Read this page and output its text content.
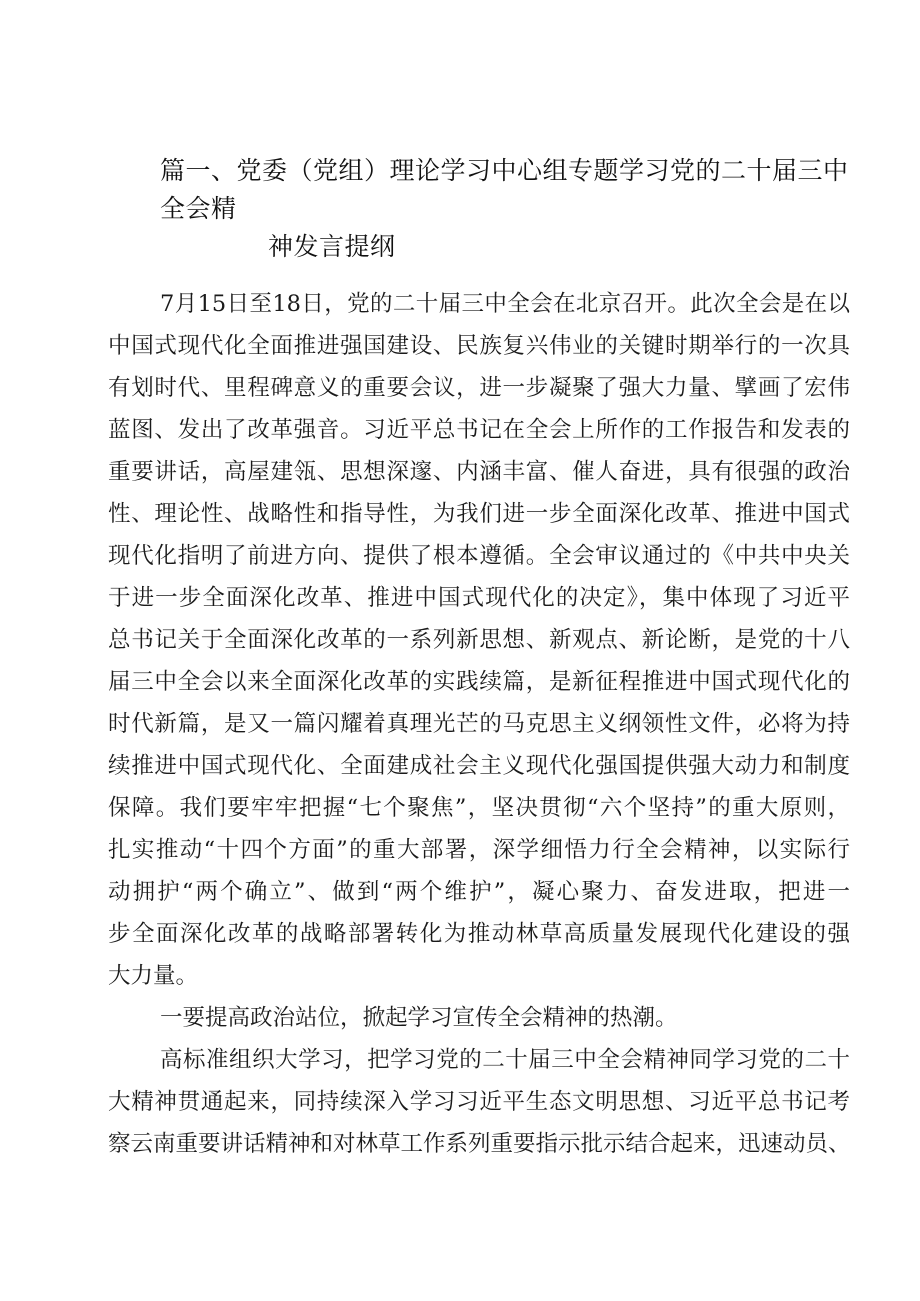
篇一、党委（党组）理论学习中心组专题学习党的二十届三中全会精
神发言提纲
7月15日至18日，党的二十届三中全会在北京召开。此次全会是在以
中国式现代化全面推进强国建设、民族复兴伟业的关键时期举行的一次具
有划时代、里程碑意义的重要会议，进一步凝聚了强大力量、擘画了宏伟
蓝图、发出了改革强音。习近平总书记在全会上所作的工作报告和发表的
重要讲话，高屋建瓴、思想深邃、内涵丰富、催人奋进，具有很强的政治
性、理论性、战略性和指导性，为我们进一步全面深化改革、推进中国式
现代化指明了前进方向、提供了根本遵循。全会审议通过的《中共中央关
于进一步全面深化改革、推进中国式现代化的决定》，集中体现了习近平
总书记关于全面深化改革的一系列新思想、新观点、新论断，是党的十八
届三中全会以来全面深化改革的实践续篇，是新征程推进中国式现代化的
时代新篇，是又一篇闪耀着真理光芒的马克思主义纲领性文件，必将为持
续推进中国式现代化、全面建成社会主义现代化强国提供强大动力和制度
保障。我们要牢牢把握“七个聚焦”，坚决贯彻“六个坚持”的重大原则，
扎实推动“十四个方面”的重大部署，深学细悟力行全会精神，以实际行
动拥护“两个确立”、做到“两个维护”，凝心聚力、奋发进取，把进一
步全面深化改革的战略部署转化为推动林草高质量发展现代化建设的强
大力量。
一要提高政治站位，掀起学习宣传全会精神的热潮。
高标准组织大学习，把学习党的二十届三中全会精神同学习党的二十
大精神贯通起来，同持续深入学习习近平生态文明思想、习近平总书记考
察云南重要讲话精神和对林草工作系列重要指示批示结合起来，迅速动员、
